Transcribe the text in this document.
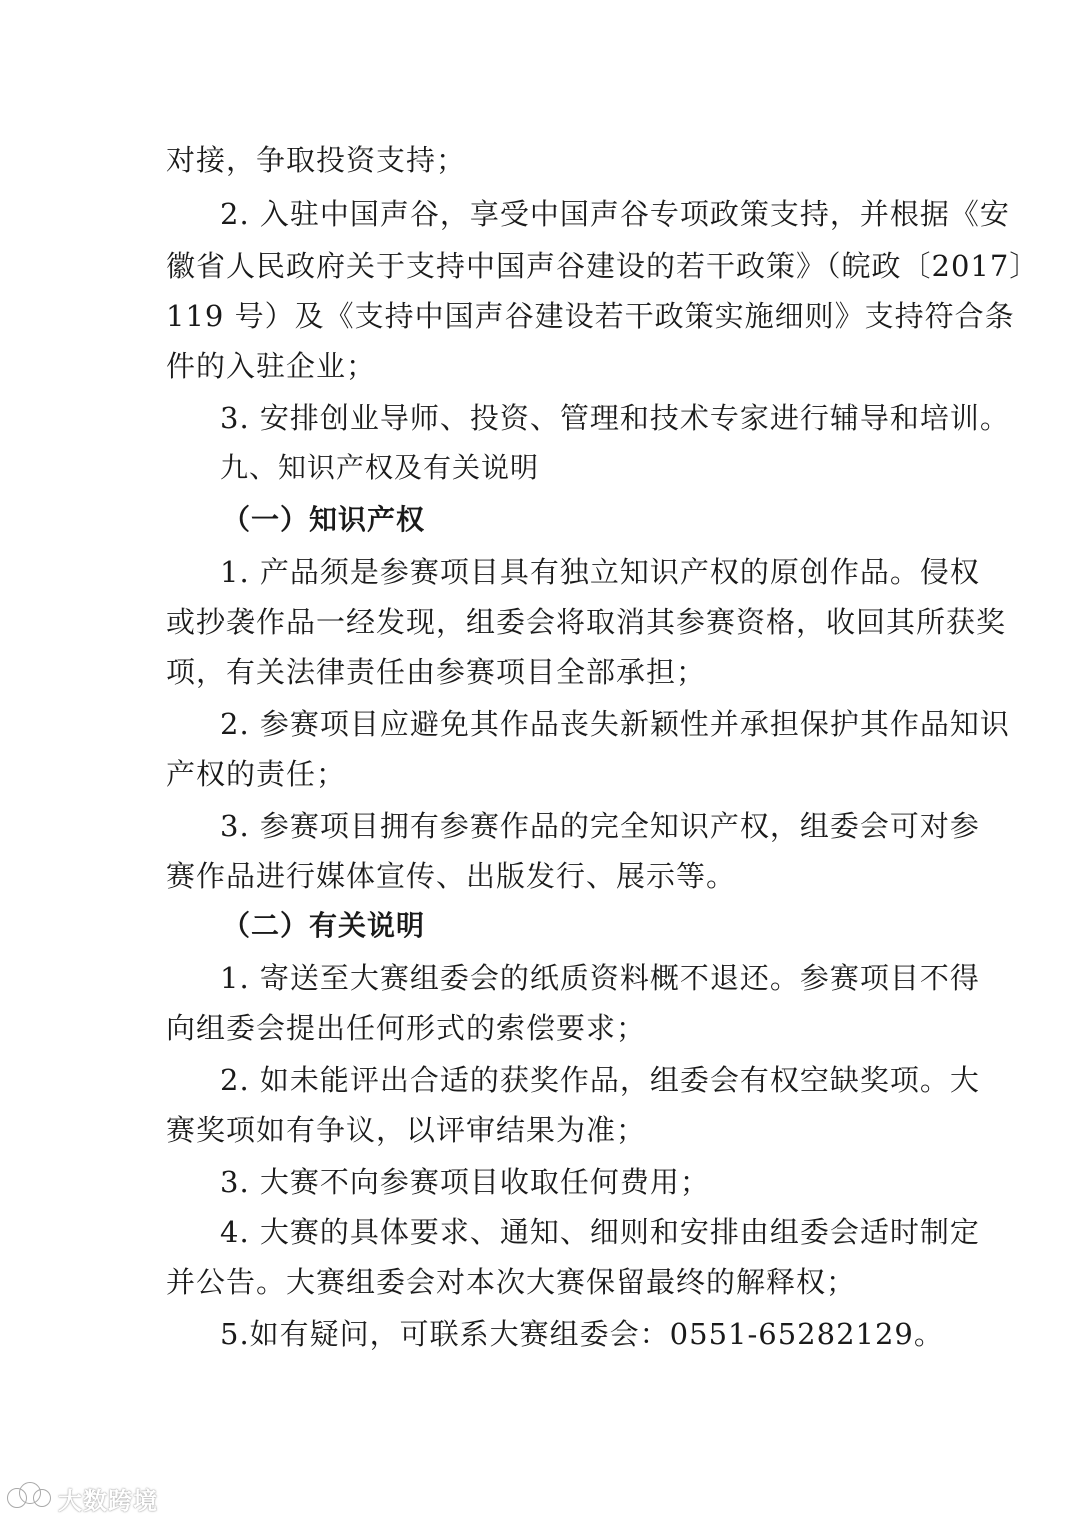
对接，争取投资支持；
2. 入驻中国声谷，享受中国声谷专项政策支持，并根据《安
徽省人民政府关于支持中国声谷建设的若干政策》（皖政〔2017〕
119 号）及《支持中国声谷建设若干政策实施细则》支持符合条
件的入驻企业；
3. 安排创业导师、投资、管理和技术专家进行辅导和培训。
九、知识产权及有关说明
（一）知识产权
1. 产品须是参赛项目具有独立知识产权的原创作品。侵权
或抄袭作品一经发现，组委会将取消其参赛资格，收回其所获奖
项，有关法律责任由参赛项目全部承担；
2. 参赛项目应避免其作品丧失新颖性并承担保护其作品知识
产权的责任；
3. 参赛项目拥有参赛作品的完全知识产权，组委会可对参
赛作品进行媒体宣传、出版发行、展示等。
（二）有关说明
1. 寄送至大赛组委会的纸质资料概不退还。参赛项目不得
向组委会提出任何形式的索偿要求；
2. 如未能评出合适的获奖作品，组委会有权空缺奖项。大
赛奖项如有争议，以评审结果为准；
3. 大赛不向参赛项目收取任何费用；
4. 大赛的具体要求、通知、细则和安排由组委会适时制定
并公告。大赛组委会对本次大赛保留最终的解释权；
5.如有疑问，可联系大赛组委会：0551-65282129。
大数跨境
